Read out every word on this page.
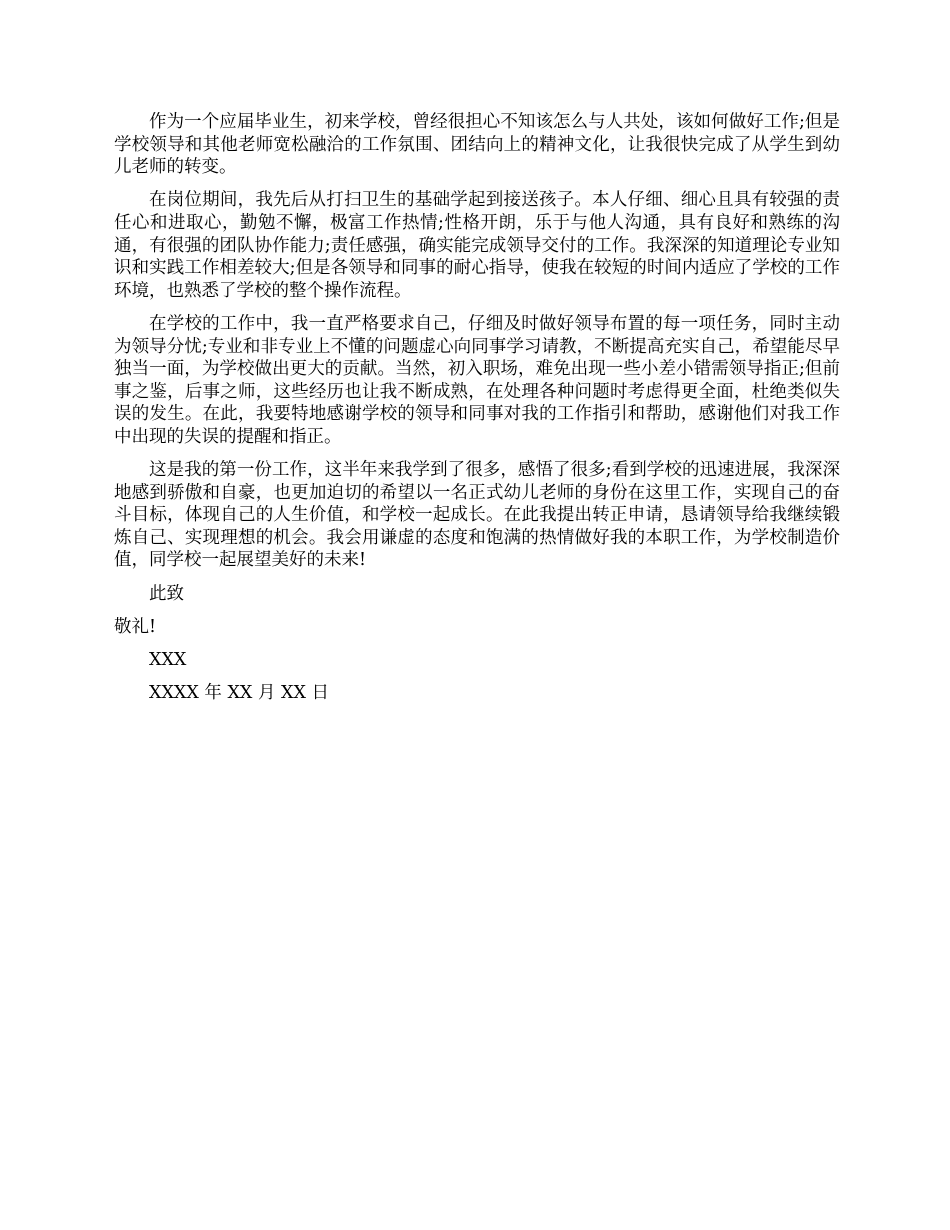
作为一个应届毕业生，初来学校，曾经很担心不知该怎么与人共处，该如何做好工作;但是学校领导和其他老师宽松融洽的工作氛围、团结向上的精神文化，让我很快完成了从学生到幼儿老师的转变。

在岗位期间，我先后从打扫卫生的基础学起到接送孩子。本人仔细、细心且具有较强的责任心和进取心，勤勉不懈，极富工作热情;性格开朗，乐于与他人沟通，具有良好和熟练的沟通，有很强的团队协作能力;责任感强，确实能完成领导交付的工作。我深深的知道理论专业知识和实践工作相差较大;但是各领导和同事的耐心指导，使我在较短的时间内适应了学校的工作环境，也熟悉了学校的整个操作流程。

在学校的工作中，我一直严格要求自己，仔细及时做好领导布置的每一项任务，同时主动为领导分忧;专业和非专业上不懂的问题虚心向同事学习请教，不断提高充实自己，希望能尽早独当一面，为学校做出更大的贡献。当然，初入职场，难免出现一些小差小错需领导指正;但前事之鉴，后事之师，这些经历也让我不断成熟，在处理各种问题时考虑得更全面，杜绝类似失误的发生。在此，我要特地感谢学校的领导和同事对我的工作指引和帮助，感谢他们对我工作中出现的失误的提醒和指正。

这是我的第一份工作，这半年来我学到了很多，感悟了很多;看到学校的迅速进展，我深深地感到骄傲和自豪，也更加迫切的希望以一名正式幼儿老师的身份在这里工作，实现自己的奋斗目标，体现自己的人生价值，和学校一起成长。在此我提出转正申请，恳请领导给我继续锻炼自己、实现理想的机会。我会用谦虚的态度和饱满的热情做好我的本职工作，为学校制造价值，同学校一起展望美好的未来!

此致

敬礼!

XXX

XXXX 年 XX 月 XX 日
